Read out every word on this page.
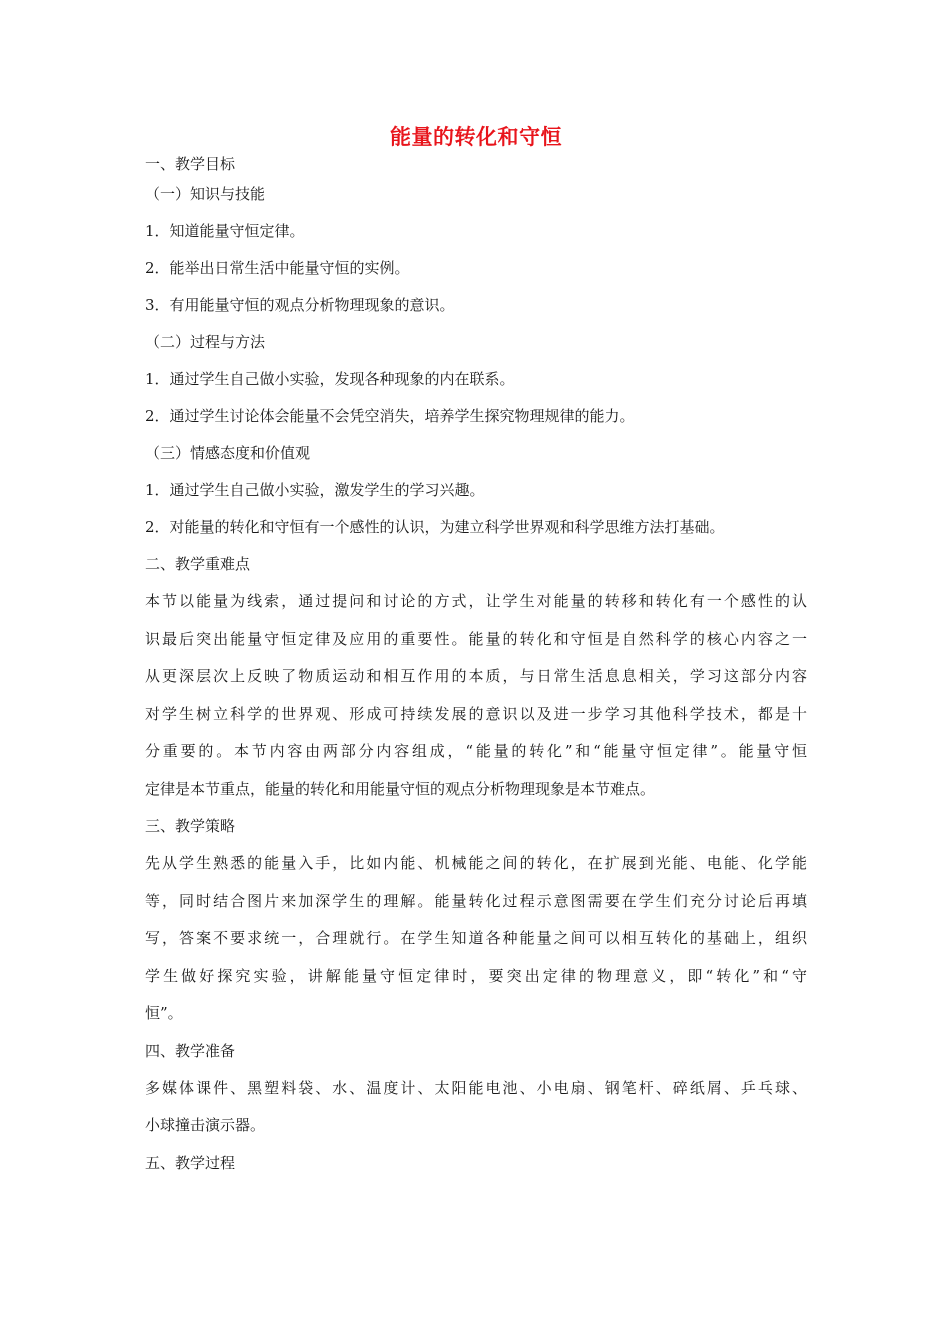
能量的转化和守恒

一、教学目标

（一）知识与技能

1．知道能量守恒定律。

2．能举出日常生活中能量守恒的实例。

3．有用能量守恒的观点分析物理现象的意识。

（二）过程与方法

1．通过学生自己做小实验，发现各种现象的内在联系。

2．通过学生讨论体会能量不会凭空消失，培养学生探究物理规律的能力。

（三）情感态度和价值观

1．通过学生自己做小实验，激发学生的学习兴趣。

2．对能量的转化和守恒有一个感性的认识，为建立科学世界观和科学思维方法打基础。

二、教学重难点

本节以能量为线索，通过提问和讨论的方式，让学生对能量的转移和转化有一个感性的认
识最后突出能量守恒定律及应用的重要性。能量的转化和守恒是自然科学的核心内容之一
从更深层次上反映了物质运动和相互作用的本质，与日常生活息息相关，学习这部分内容
对学生树立科学的世界观、形成可持续发展的意识以及进一步学习其他科学技术，都是十
分重要的。本节内容由两部分内容组成，“能量的转化”和“能量守恒定律”。能量守恒
定律是本节重点，能量的转化和用能量守恒的观点分析物理现象是本节难点。

三、教学策略

先从学生熟悉的能量入手，比如内能、机械能之间的转化，在扩展到光能、电能、化学能
等，同时结合图片来加深学生的理解。能量转化过程示意图需要在学生们充分讨论后再填
写，答案不要求统一，合理就行。在学生知道各种能量之间可以相互转化的基础上，组织
学生做好探究实验，讲解能量守恒定律时，要突出定律的物理意义，即“转化”和“守
恒”。

四、教学准备

多媒体课件、黑塑料袋、水、温度计、太阳能电池、小电扇、钢笔杆、碎纸屑、乒乓球、
小球撞击演示器。

五、教学过程
